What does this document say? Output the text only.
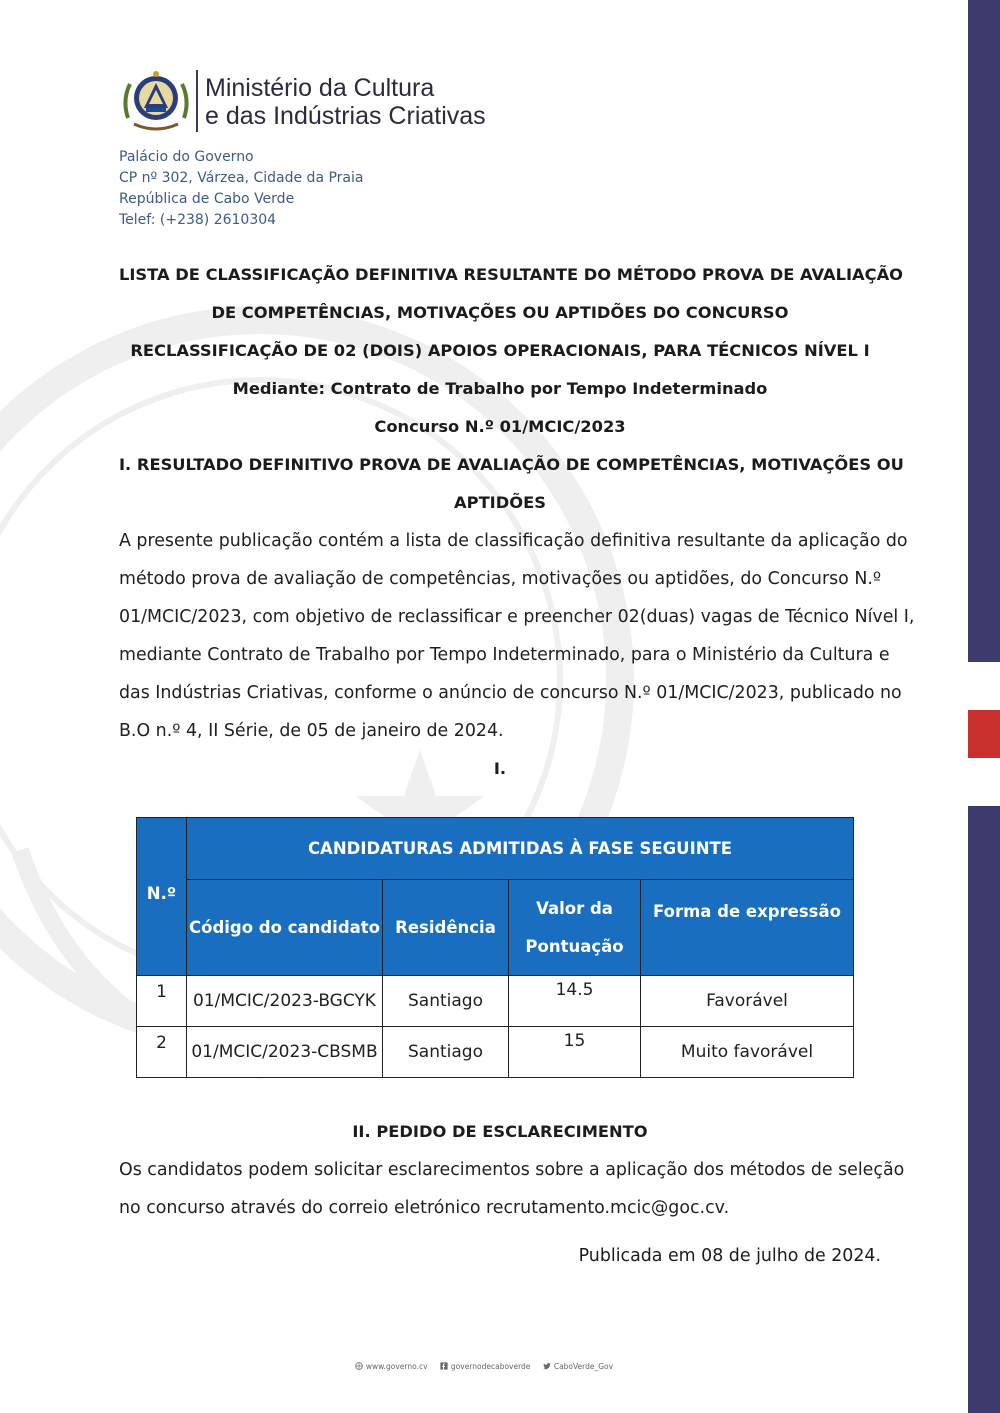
Ministério da Cultura
e das Indústrias Criativas
Palácio do Governo
CP nº 302, Várzea, Cidade da Praia
República de Cabo Verde
Telef: (+238) 2610304
LISTA DE CLASSIFICAÇÃO DEFINITIVA RESULTANTE DO MÉTODO PROVA DE AVALIAÇÃO
DE COMPETÊNCIAS, MOTIVAÇÕES OU APTIDÕES DO CONCURSO
RECLASSIFICAÇÃO DE 02 (DOIS) APOIOS OPERACIONAIS, PARA TÉCNICOS NÍVEL I
Mediante: Contrato de Trabalho por Tempo Indeterminado
Concurso N.º 01/MCIC/2023
I. RESULTADO DEFINITIVO PROVA DE AVALIAÇÃO DE COMPETÊNCIAS, MOTIVAÇÕES OU
APTIDÕES
A presente publicação contém a lista de classificação definitiva resultante da aplicação do
método prova de avaliação de competências, motivações ou aptidões, do Concurso N.º
01/MCIC/2023, com objetivo de reclassificar e preencher 02(duas) vagas de Técnico Nível I,
mediante Contrato de Trabalho por Tempo Indeterminado, para o Ministério da Cultura e
das Indústrias Criativas, conforme o anúncio de concurso N.º 01/MCIC/2023, publicado no
B.O n.º 4, II Série, de 05 de janeiro de 2024.
I.
N.º	CANDIDATURAS ADMITIDAS À FASE SEGUINTE			
	Código do candidato	Residência	Valor da
Pontuação	Forma de expressão

1	01/MCIC/2023-BGCYK	Santiago	14.5	Favorável
2	01/MCIC/2023-CBSMB	Santiago	15	Muito favorável
II. PEDIDO DE ESCLARECIMENTO
Os candidatos podem solicitar esclarecimentos sobre a aplicação dos métodos de seleção
no concurso através do correio eletrónico recrutamento.mcic@goc.cv.
Publicada em 08 de julho de 2024.
www.governo.cv	governodecaboverde	CaboVerde_Gov
